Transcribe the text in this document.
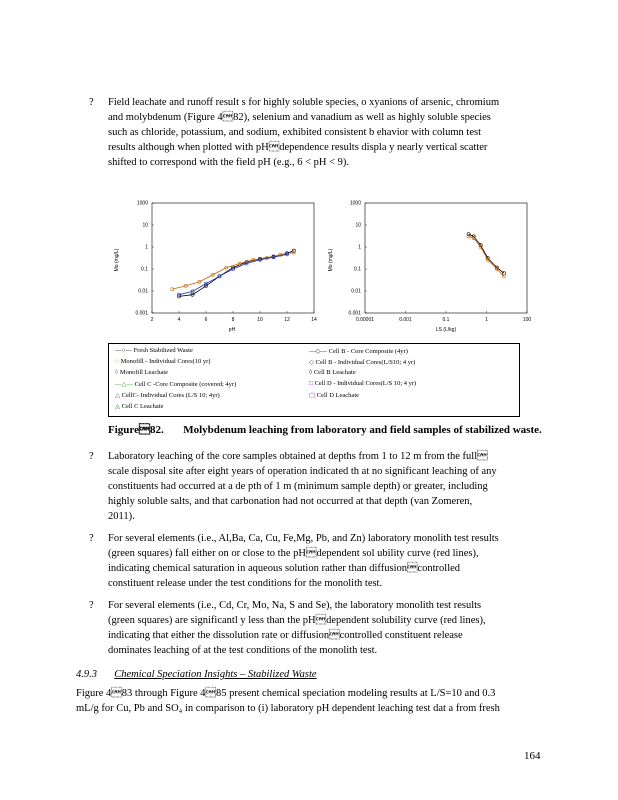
? Field leachate and runoff result s for highly soluble species, o xyanions of arsenic, chromium
and molybdenum (Figure 482), selenium and vanadium as well as highly soluble species
such as chloride, potassium, and sodium, exhibited consistent b ehavior with column test
results although when plotted with pHdependence results displa y nearly vertical scatter
shifted to correspond with the field pH (e.g., 6 < pH < 9).
1000
10
1
0.1
0.01
0.001
2	4	6	8	10	12	14
pH
Mo (mg/L)
1000
10
1
0.1
0.01
0.001
0.00001	0.001	0.1	1	100
LS (L/kg)
Mo (mg/L)
—○— Fresh Stabilized Waste
○ Monofill - Individual Cores(10 yr)
◊ Monofill Leachate
—△— Cell C -Core Composite (covered; 4yr)
△ CellC- Individual Cores (L/S 10; 4yr)
◬ Cell C Leachate
—◇— Cell B - Core Composite (4yr)
◇ Cell B - Individual Cores(L/S10; 4 yr)
◊ Cell B Leachate
□ Cell D - Individual Cores(L/S 10; 4 yr)
▢ Cell D Leachate
Figure82. Molybdenum leaching from laboratory and field samples of stabilized waste.
? Laboratory leaching of the core samples obtained at depths from 1 to 12 m from the full
scale disposal site after eight years of operation indicated th at no significant leaching of any
constituents had occurred at a de pth of 1 m (minimum sample depth) or greater, including
highly soluble salts, and that carbonation had not occurred at that depth (van Zomeren,
2011).
? For several elements (i.e., Al,Ba, Ca, Cu, Fe,Mg, Pb, and Zn) laboratory monolith test results
(green squares) fall either on or close to the pHdependent sol ubility curve (red lines),
indicating chemical saturation in aqueous solution rather than diffusioncontrolled
constituent release under the test conditions for the monolith test.
? For several elements (i.e., Cd, Cr, Mo, Na, S and Se), the laboratory monolith test results
(green squares) are significantl y less than the pHdependent solubility curve (red lines),
indicating that either the dissolution rate or diffusioncontrolled constituent release
dominates leaching of at the test conditions of the monolith test.
4.9.3 Chemical Speciation Insights – Stabilized Waste
Figure 483 through Figure 485 present chemical speciation modeling results at L/S=10 and 0.3
mL/g for Cu, Pb and SO₄ in comparison to (i) laboratory pH dependent leaching test dat a from fresh
164
